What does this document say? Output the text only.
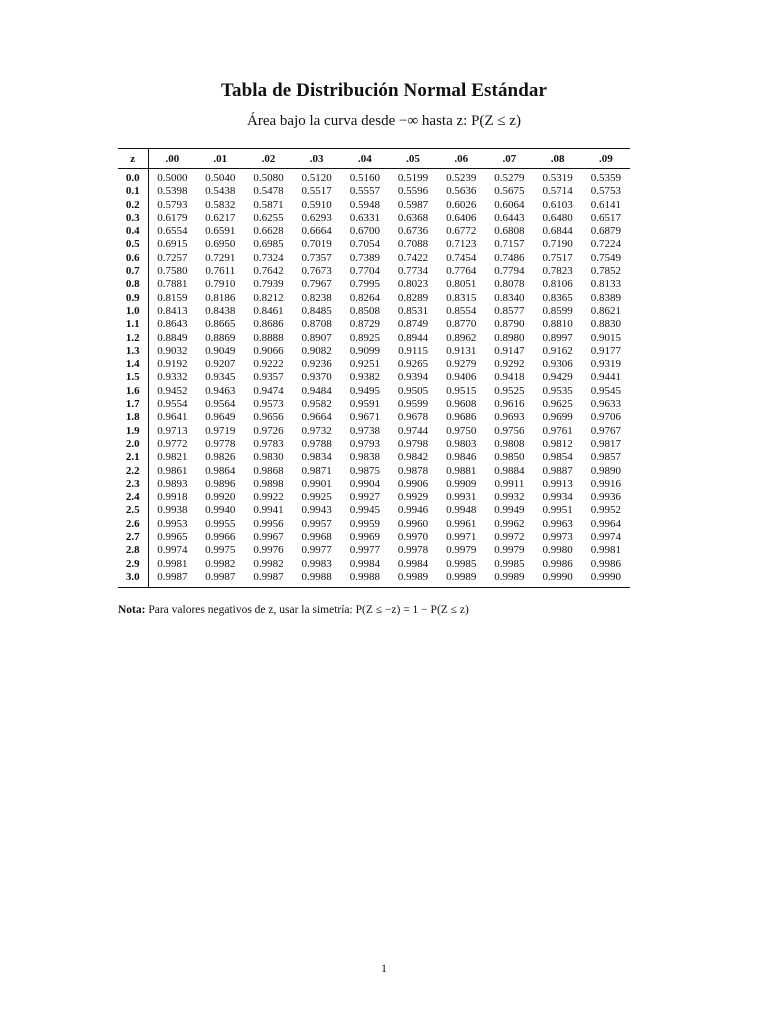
Tabla de Distribución Normal Estándar

Área bajo la curva desde −∞ hasta z: P(Z ≤ z)

z	.00	.01	.02	.03	.04	.05	.06	.07	.08	.09
0.0	0.5000	0.5040	0.5080	0.5120	0.5160	0.5199	0.5239	0.5279	0.5319	0.5359
0.1	0.5398	0.5438	0.5478	0.5517	0.5557	0.5596	0.5636	0.5675	0.5714	0.5753
0.2	0.5793	0.5832	0.5871	0.5910	0.5948	0.5987	0.6026	0.6064	0.6103	0.6141
0.3	0.6179	0.6217	0.6255	0.6293	0.6331	0.6368	0.6406	0.6443	0.6480	0.6517
0.4	0.6554	0.6591	0.6628	0.6664	0.6700	0.6736	0.6772	0.6808	0.6844	0.6879
0.5	0.6915	0.6950	0.6985	0.7019	0.7054	0.7088	0.7123	0.7157	0.7190	0.7224
0.6	0.7257	0.7291	0.7324	0.7357	0.7389	0.7422	0.7454	0.7486	0.7517	0.7549
0.7	0.7580	0.7611	0.7642	0.7673	0.7704	0.7734	0.7764	0.7794	0.7823	0.7852
0.8	0.7881	0.7910	0.7939	0.7967	0.7995	0.8023	0.8051	0.8078	0.8106	0.8133
0.9	0.8159	0.8186	0.8212	0.8238	0.8264	0.8289	0.8315	0.8340	0.8365	0.8389
1.0	0.8413	0.8438	0.8461	0.8485	0.8508	0.8531	0.8554	0.8577	0.8599	0.8621
1.1	0.8643	0.8665	0.8686	0.8708	0.8729	0.8749	0.8770	0.8790	0.8810	0.8830
1.2	0.8849	0.8869	0.8888	0.8907	0.8925	0.8944	0.8962	0.8980	0.8997	0.9015
1.3	0.9032	0.9049	0.9066	0.9082	0.9099	0.9115	0.9131	0.9147	0.9162	0.9177
1.4	0.9192	0.9207	0.9222	0.9236	0.9251	0.9265	0.9279	0.9292	0.9306	0.9319
1.5	0.9332	0.9345	0.9357	0.9370	0.9382	0.9394	0.9406	0.9418	0.9429	0.9441
1.6	0.9452	0.9463	0.9474	0.9484	0.9495	0.9505	0.9515	0.9525	0.9535	0.9545
1.7	0.9554	0.9564	0.9573	0.9582	0.9591	0.9599	0.9608	0.9616	0.9625	0.9633
1.8	0.9641	0.9649	0.9656	0.9664	0.9671	0.9678	0.9686	0.9693	0.9699	0.9706
1.9	0.9713	0.9719	0.9726	0.9732	0.9738	0.9744	0.9750	0.9756	0.9761	0.9767
2.0	0.9772	0.9778	0.9783	0.9788	0.9793	0.9798	0.9803	0.9808	0.9812	0.9817
2.1	0.9821	0.9826	0.9830	0.9834	0.9838	0.9842	0.9846	0.9850	0.9854	0.9857
2.2	0.9861	0.9864	0.9868	0.9871	0.9875	0.9878	0.9881	0.9884	0.9887	0.9890
2.3	0.9893	0.9896	0.9898	0.9901	0.9904	0.9906	0.9909	0.9911	0.9913	0.9916
2.4	0.9918	0.9920	0.9922	0.9925	0.9927	0.9929	0.9931	0.9932	0.9934	0.9936
2.5	0.9938	0.9940	0.9941	0.9943	0.9945	0.9946	0.9948	0.9949	0.9951	0.9952
2.6	0.9953	0.9955	0.9956	0.9957	0.9959	0.9960	0.9961	0.9962	0.9963	0.9964
2.7	0.9965	0.9966	0.9967	0.9968	0.9969	0.9970	0.9971	0.9972	0.9973	0.9974
2.8	0.9974	0.9975	0.9976	0.9977	0.9977	0.9978	0.9979	0.9979	0.9980	0.9981
2.9	0.9981	0.9982	0.9982	0.9983	0.9984	0.9984	0.9985	0.9985	0.9986	0.9986
3.0	0.9987	0.9987	0.9987	0.9988	0.9988	0.9989	0.9989	0.9989	0.9990	0.9990

Nota: Para valores negativos de z, usar la simetría: P(Z ≤ −z) = 1 − P(Z ≤ z)

1
